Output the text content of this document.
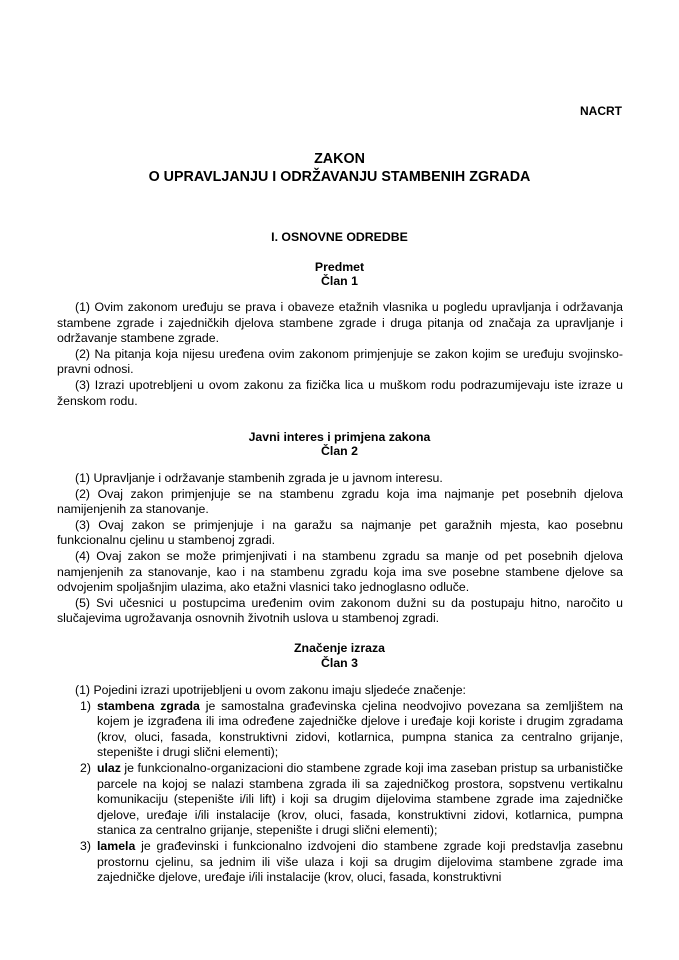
NACRT
ZAKON
O UPRAVLJANJU I ODRŽAVANJU STAMBENIH ZGRADA
I. OSNOVNE ODREDBE
Predmet
Član 1

(1) Ovim zakonom uređuju se prava i obaveze etažnih vlasnika u pogledu upravljanja i održavanja stambene zgrade i zajedničkih djelova stambene zgrade i druga pitanja od značaja za upravljanje i održavanje stambene zgrade.

(2) Na pitanja koja nijesu uređena ovim zakonom primjenjuje se zakon kojim se uređuju svojinsko-pravni odnosi.

(3) Izrazi upotrebljeni u ovom zakonu za fizička lica u muškom rodu podrazumijevaju iste izraze u ženskom rodu.

Javni interes i primjena zakona
Član 2

(1) Upravljanje i održavanje stambenih zgrada je u javnom interesu.

(2) Ovaj zakon primjenjuje se na stambenu zgradu koja ima najmanje pet posebnih djelova namijenjenih za stanovanje.

(3) Ovaj zakon se primjenjuje i na garažu sa najmanje pet garažnih mjesta, kao posebnu funkcionalnu cjelinu u stambenoj zgradi.

(4) Ovaj zakon se može primjenjivati i na stambenu zgradu sa manje od pet posebnih djelova namjenjenih za stanovanje, kao i na stambenu zgradu koja ima sve posebne stambene djelove sa odvojenim spoljašnjim ulazima, ako etažni vlasnici tako jednoglasno odluče.

(5) Svi učesnici u postupcima uređenim ovim zakonom dužni su da postupaju hitno, naročito u slučajevima ugrožavanja osnovnih životnih uslova u stambenoj zgradi.

Značenje izraza
Član 3

(1) Pojedini izrazi upotrijebljeni u ovom zakonu imaju sljedeće značenje:

1) stambena zgrada je samostalna građevinska cjelina neodvojivo povezana sa zemljištem na kojem je izgrađena ili ima određene zajedničke djelove i uređaje koji koriste i drugim zgradama (krov, oluci, fasada, konstruktivni zidovi, kotlarnica, pumpna stanica za centralno grijanje, stepenište i drugi slični elementi);
2) ulaz je funkcionalno-organizacioni dio stambene zgrade koji ima zaseban pristup sa urbanističke parcele na kojoj se nalazi stambena zgrada ili sa zajedničkog prostora, sopstvenu vertikalnu komunikaciju (stepenište i/ili lift) i koji sa drugim dijelovima stambene zgrade ima zajedničke djelove, uređaje i/ili instalacije (krov, oluci, fasada, konstruktivni zidovi, kotlarnica, pumpna stanica za centralno grijanje, stepenište i drugi slični elementi);
3) lamela je građevinski i funkcionalno izdvojeni dio stambene zgrade koji predstavlja zasebnu prostornu cjelinu, sa jednim ili više ulaza i koji sa drugim dijelovima stambene zgrade ima zajedničke djelove, uređaje i/ili instalacije (krov, oluci, fasada, konstruktivni
